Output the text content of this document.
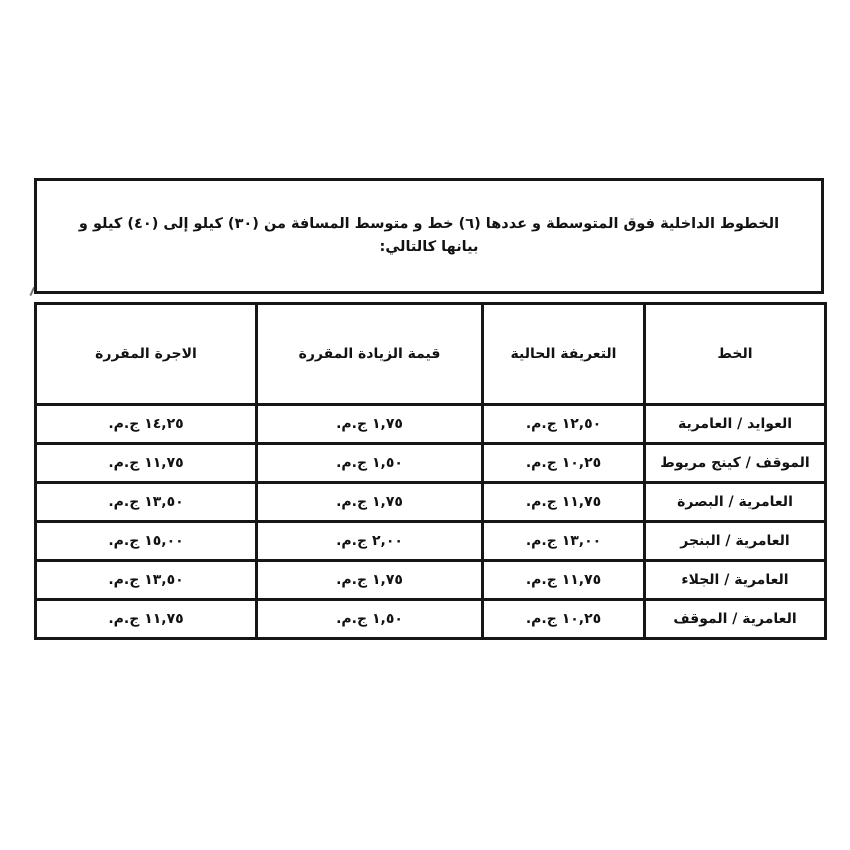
الخطوط الداخلية فوق المتوسطة و عددها (٦) خط و متوسط المسافة من (٣٠) كيلو إلى (٤٠) كيلو و بيانها كالتالي:
الخط	التعريفة الحالية	قيمة الزيادة المقررة	الاجرة المقررة
العوايد / العامرية	١٢,٥٠ ج.م.	١,٧٥ ج.م.	١٤,٢٥ ج.م.
الموقف / كينج مريوط	١٠,٢٥ ج.م.	١,٥٠ ج.م.	١١,٧٥ ج.م.
العامرية / البصرة	١١,٧٥ ج.م.	١,٧٥ ج.م.	١٣,٥٠ ج.م.
العامرية / البنجر	١٣,٠٠ ج.م.	٢,٠٠ ج.م.	١٥,٠٠ ج.م.
العامرية / الجلاء	١١,٧٥ ج.م.	١,٧٥ ج.م.	١٣,٥٠ ج.م.
العامرية / الموقف	١٠,٢٥ ج.م.	١,٥٠ ج.م.	١١,٧٥ ج.م.
